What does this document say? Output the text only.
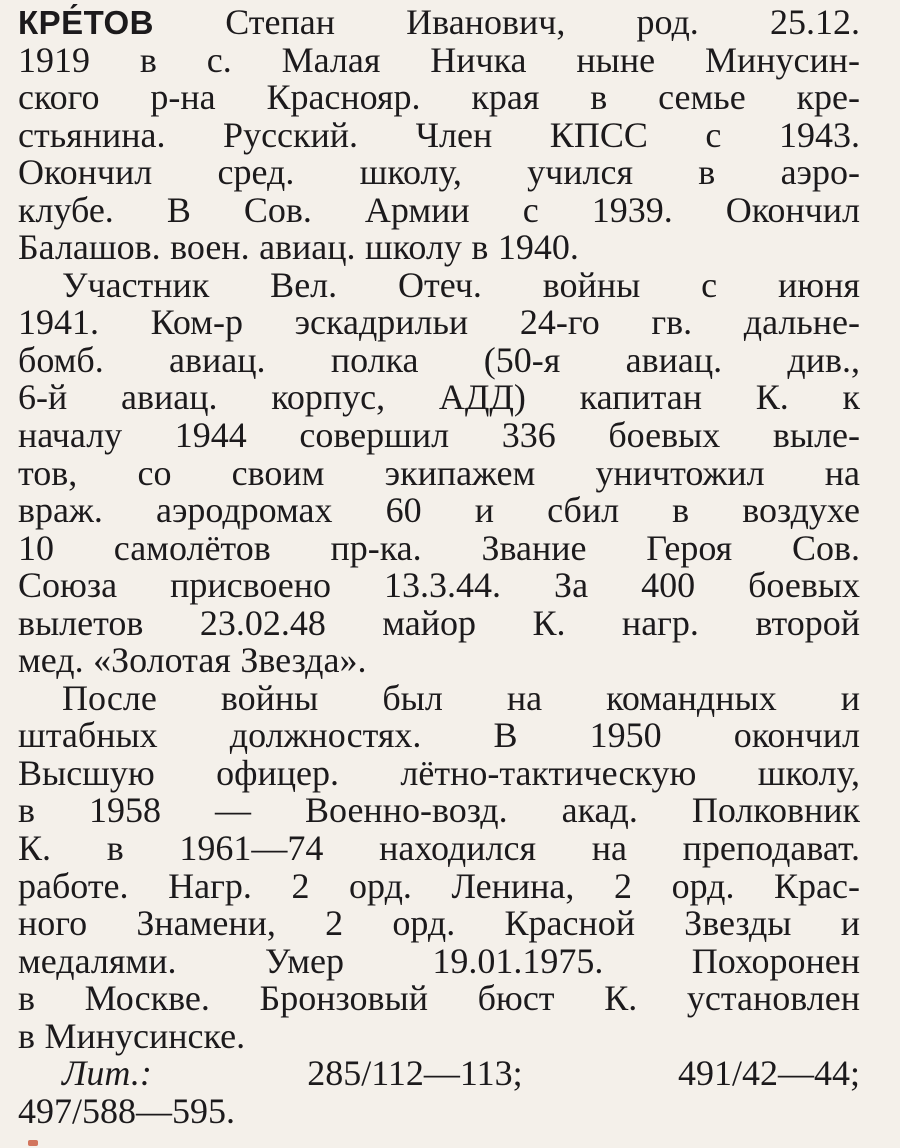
КРЕ́ТОВ Степан Иванович, род. 25.12.
1919 в с. Малая Ничка ныне Минусин-
ского р-на Краснояр. края в семье кре-
стьянина. Русский. Член КПСС с 1943.
Окончил сред. школу, учился в аэро-
клубе. В Сов. Армии с 1939. Окончил
Балашов. воен. авиац. школу в 1940.
Участник Вел. Отеч. войны с июня
1941. Ком-р эскадрильи 24-го гв. дальне-
бомб. авиац. полка (50-я авиац. див.,
6-й авиац. корпус, АДД) капитан К. к
началу 1944 совершил 336 боевых выле-
тов, со своим экипажем уничтожил на
враж. аэродромах 60 и сбил в воздухе
10 самолётов пр-ка. Звание Героя Сов.
Союза присвоено 13.3.44. За 400 боевых
вылетов 23.02.48 майор К. нагр. второй
мед. «Золотая Звезда».
После войны был на командных и
штабных должностях. В 1950 окончил
Высшую офицер. лётно-тактическую школу,
в 1958 — Военно-возд. акад. Полковник
К. в 1961—74 находился на преподават.
работе. Нагр. 2 орд. Ленина, 2 орд. Крас-
ного Знамени, 2 орд. Красной Звезды и
медалями. Умер 19.01.1975. Похоронен
в Москве. Бронзовый бюст К. установлен
в Минусинске.
Лит.:	285/112—113; 491/42—44;
497/588—595.
